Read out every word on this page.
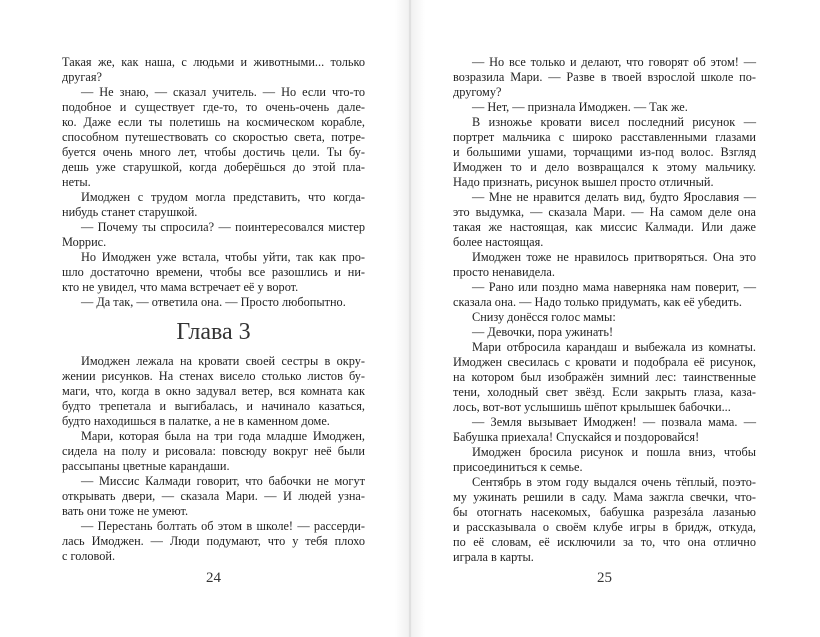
Такая же, как наша, с людьми и животными... только
другая?
— Не знаю, — сказал учитель. — Но если что-то
подобное и существует где-то, то очень-очень дале-
ко. Даже если ты полетишь на космическом корабле,
способном путешествовать со скоростью света, потре-
буется очень много лет, чтобы достичь цели. Ты бу-
дешь уже старушкой, когда доберёшься до этой пла-
неты.
Имоджен с трудом могла представить, что когда-
нибудь станет старушкой.
— Почему ты спросила? — поинтересовался мистер
Моррис.
Но Имоджен уже встала, чтобы уйти, так как про-
шло достаточно времени, чтобы все разошлись и ни-
кто не увидел, что мама встречает её у ворот.
— Да так, — ответила она. — Просто любопытно.
Глава 3
Имоджен лежала на кровати своей сестры в окру-
жении рисунков. На стенах висело столько листов бу-
маги, что, когда в окно задувал ветер, вся комната как
будто трепетала и выгибалась, и начинало казаться,
будто находишься в палатке, а не в каменном доме.
Мари, которая была на три года младше Имоджен,
сидела на полу и рисовала: повсюду вокруг неё были
рассыпаны цветные карандаши.
— Миссис Калмади говорит, что бабочки не могут
открывать двери, — сказала Мари. — И людей узна-
вать они тоже не умеют.
— Перестань болтать об этом в школе! — рассерди-
лась Имоджен. — Люди подумают, что у тебя плохо
с головой.
24
— Но все только и делают, что говорят об этом! —
возразила Мари. — Разве в твоей взрослой школе по-
другому?
— Нет, — признала Имоджен. — Так же.
В изножье кровати висел последний рисунок —
портрет мальчика с широко расставленными глазами
и большими ушами, торчащими из-под волос. Взгляд
Имоджен то и дело возвращался к этому мальчику.
Надо признать, рисунок вышел просто отличный.
— Мне не нравится делать вид, будто Ярославия —
это выдумка, — сказала Мари. — На самом деле она
такая же настоящая, как миссис Калмади. Или даже
более настоящая.
Имоджен тоже не нравилось притворяться. Она это
просто ненавидела.
— Рано или поздно мама наверняка нам поверит, —
сказала она. — Надо только придумать, как её убедить.
Снизу донёсся голос мамы:
— Девочки, пора ужинать!
Мари отбросила карандаш и выбежала из комнаты.
Имоджен свесилась с кровати и подобрала её рисунок,
на котором был изображён зимний лес: таинственные
тени, холодный свет звёзд. Если закрыть глаза, каза-
лось, вот-вот услышишь шёпот крылышек бабочки...
— Земля вызывает Имоджен! — позвала мама. —
Бабушка приехала! Спускайся и поздоровайся!
Имоджен бросила рисунок и пошла вниз, чтобы
присоединиться к семье.
Сентябрь в этом году выдался очень тёплый, поэто-
му ужинать решили в саду. Мама зажгла свечки, что-
бы отогнать насекомых, бабушка разрезáла лазанью
и рассказывала о своём клубе игры в бридж, откуда,
по её словам, её исключили за то, что она отлично
играла в карты.
25
